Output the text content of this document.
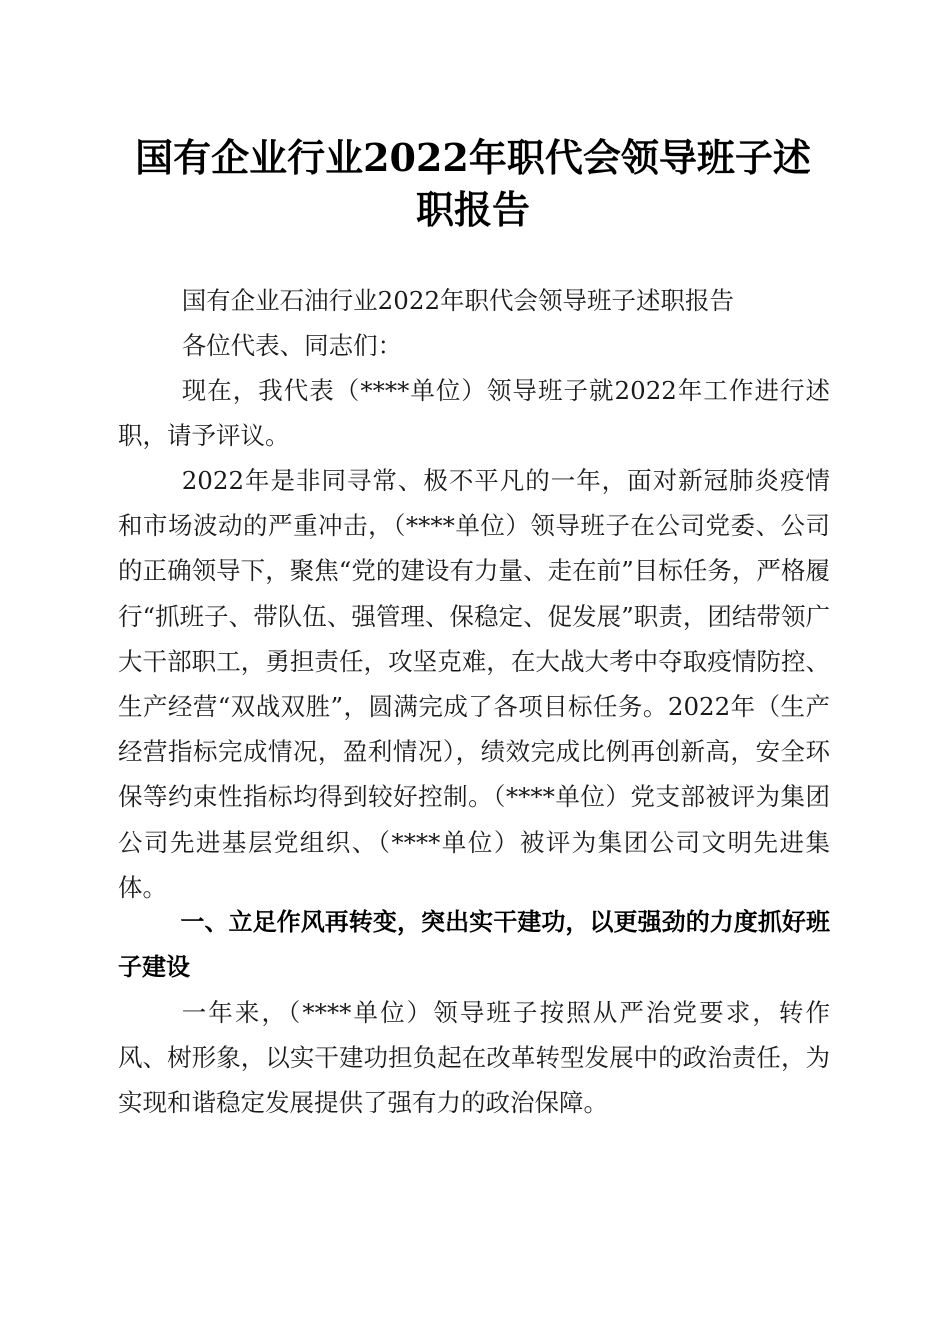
国有企业行业2022年职代会领导班子述职报告

国有企业石油行业2022年职代会领导班子述职报告

各位代表、同志们：

现在，我代表（****单位）领导班子就2022年工作进行述职，请予评议。

2022年是非同寻常、极不平凡的一年，面对新冠肺炎疫情和市场波动的严重冲击，（****单位）领导班子在公司党委、公司的正确领导下，聚焦“党的建设有力量、走在前”目标任务，严格履行“抓班子、带队伍、强管理、保稳定、促发展”职责，团结带领广大干部职工，勇担责任，攻坚克难，在大战大考中夺取疫情防控、生产经营“双战双胜”，圆满完成了各项目标任务。2022年（生产经营指标完成情况，盈利情况），绩效完成比例再创新高，安全环保等约束性指标均得到较好控制。（****单位）党支部被评为集团公司先进基层党组织、（****单位）被评为集团公司文明先进集体。

一、立足作风再转变，突出实干建功，以更强劲的力度抓好班子建设

一年来，（****单位）领导班子按照从严治党要求，转作风、树形象，以实干建功担负起在改革转型发展中的政治责任，为实现和谐稳定发展提供了强有力的政治保障。
